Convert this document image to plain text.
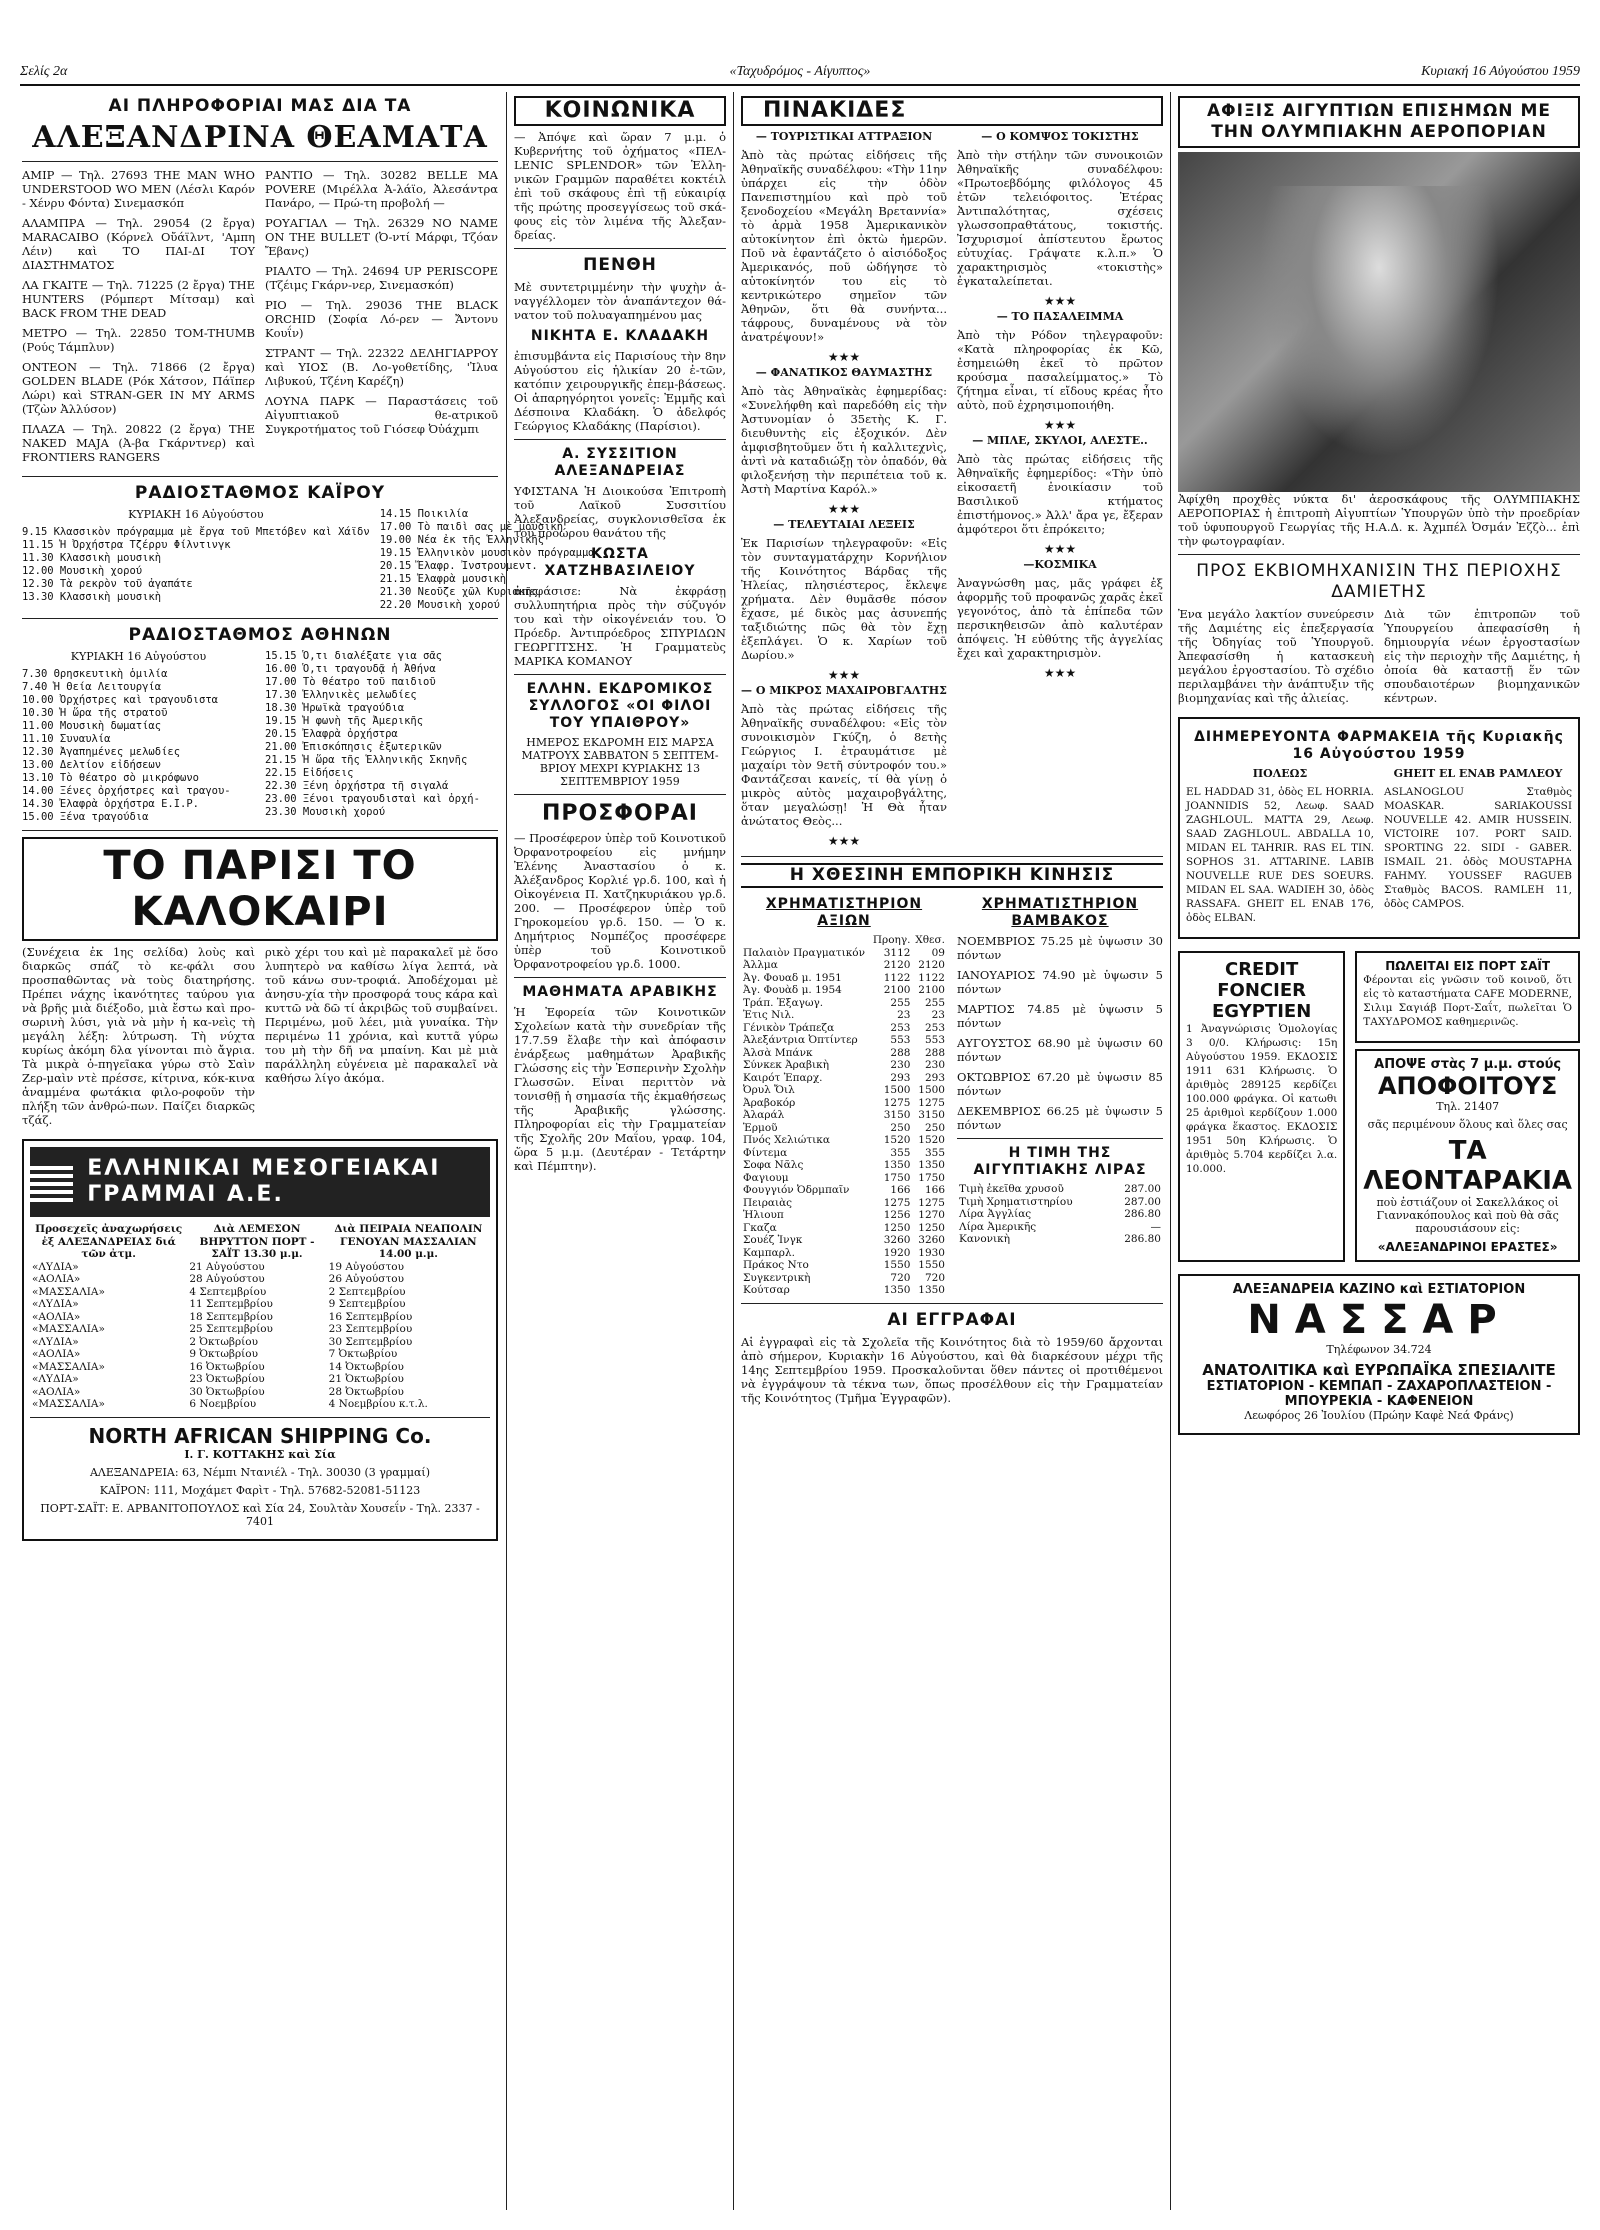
Σελίς 2α	«Ταχυδρόμος - Αίγυπτος»	Κυριακή 16 Αὐγούστου 1959
ΑΙ ΠΛΗΡΟΦΟΡΙΑΙ ΜΑΣ ΔΙΑ ΤΑ
ΑΛΕΞΑΝΔΡΙΝΑ ΘΕΑΜΑΤΑ

ΑΜΙΡ — Τηλ. 27693 THE MAN WHO UNDERSTOOD WO MEN (Λέσλι Καρόν - Χένρυ Φόντα) Σινεμασκόπ

ΑΛΑΜΠΡΑ — Τηλ. 29054 (2 ἔργα) MARACAIBO (Κόρνελ Οὔάϊλντ, 'Αμπη Λέιν) καὶ ΤΟ ΠΑΙ-ΔΙ ΤΟΥ ΔΙΑΣΤΗΜΑΤΟΣ

ΛΑ ΓΚΑΙΤΕ — Τηλ. 71225 (2 ἔργα) THE HUNTERS (Ρόμπερτ Μίτσαμ) καὶ BACK FROM THE DEAD

ΜΕΤΡΟ — Τηλ. 22850 TOM-THUMB (Ρούς Τάμπλυν)

ΟΝΤΕΟΝ — Τηλ. 71866 (2 ἔργα) GOLDEN BLADE (Ρόκ Χάτσον, Πάϊπερ Λώρι) καὶ STRAN-GER IN MY ARMS (Τζὼν Ἀλλύσον)

ΠΛΑΖΑ — Τηλ. 20822 (2 ἔργα) THE NAKED MAJA (Ἀ-βα Γκάρντνερ) καὶ FRONTIERS RANGERS

ΡΑΝΤΙΟ — Τηλ. 30282 BELLE MA POVERE (Μιρέλλα Ἀ-λάϊο, Ἀλεσάντρα Πανάρο, — Πρώ-τη προβολή —

ΡΟΥΑΓΙΑΛ — Τηλ. 26329 NO NAME ON THE BULLET (Ὀ-ντί Μάρφι, Τζόαν Ἔβανς)

ΡΙΑΛΤΟ — Τηλ. 24694 UP PERISCOPE (Τζέιμς Γκάρν-νερ, Σινεμασκόπ)

ΡΙΟ — Τηλ. 29036 THE BLACK ORCHID (Σοφία Λό-ρεν — Ἄντονυ Κουΐν)

ΣΤΡΑΝΤ — Τηλ. 22322 ΔΕΛΗΓΙΑΡΡΟΥ καὶ ΥΙΟΣ (Β. Λο-γοθετίδης, 'Ἰλυα Λιβυκού, Τζένη Καρέζη)

ΛΟΥΝΑ ΠΑΡΚ — Παραστάσεις τοῦ Αἰγυπτιακοῦ θε-ατρικοῦ Συγκροτήματος τοῦ Γιόσεφ Ὀὐάχμπι

ΡΑΔΙΟΣΤΑΘΜΟΣ ΚΑΪΡΟΥ
ΚΥΡΙΑΚΗ 16 Αὐγούστου
9.15 Κλασσικὸν πρόγραμμα μὲ ἔργα τοῦ Μπετόβεν καὶ Χάϊδν
11.15 Ἡ Ὀρχήστρα Τζέρρυ Φίλντινγκ
11.30 Κλασσικὴ μουσικὴ
12.00 Μουσικὴ χορού
12.30 Τὰ ρεκρὸν τοῦ ἀγαπάτε
13.30 Κλασσικὴ μουσικὴ
14.15 Ποικιλία
17.00 Τὸ παιδὶ σας μὲ μουσικὴ
19.00 Νέα ἐκ τῆς Ἑλληνικῆς
19.15 Ἑλληνικὸν μουσικὸν πρόγραμμα
20.15 Ἔλαφρ. Ἰνστρουμεντ.
21.15 Ἐλαφρὰ μουσικὴ
21.30 Νεοῦζε χῶλ Κυριακῆς
22.20 Μουσικὴ χορού
ΡΑΔΙΟΣΤΑΘΜΟΣ ΑΘΗΝΩΝ
ΚΥΡΙΑΚΗ 16 Αὐγούστου
7.30 Θρησκευτικὴ ὁμιλία
7.40 Ἡ Θεία Λειτουργία
10.00 Ὀρχήστρες καὶ τραγουδιστα
10.30 Ἡ ὥρα τῆς στρατοῦ
11.00 Μουσικὴ δωματίας
11.10 Συναυλία
12.30 Ἀγαπημένες μελωδίες
13.00 Δελτίον εἰδήσεων
13.10 Τὸ θέατρο σὸ μικρόφωνο
14.00 Ξένες ὀρχήστρες καὶ τραγου-
14.30 Ἐλαφρὰ ὀρχήστρα Ε.Ι.Ρ.
15.00 Ξένα τραγούδια
15.15 Ὁ,τι διαλέξατε για σᾶς
16.00 Ὁ,τι τραγουδᾷ ἡ Ἀθήνα
17.00 Τὸ θέατρο τοῦ παιδιοῦ
17.30 Ἑλληνικὲς μελωδίες
18.30 Ἡρωϊκὰ τραγούδια
19.15 Ἡ φωνὴ τῆς Ἀμερικῆς
20.15 Ἐλαφρὰ ὀρχήστρα
21.00 Ἐπισκόπησις ἐξωτερικῶν
21.15 Ἡ ὥρα τῆς Ἑλληνικῆς Σκηνῆς
22.15 Εἰδήσεις
22.30 Ξένη ὀρχήστρα τῆ σιγαλά
23.00 Ξένοι τραγουδισταὶ καὶ ὀρχή-
23.30 Μουσικὴ χορού
ΤΟ ΠΑΡΙΣΙ ΤΟ ΚΑΛΟΚΑΙΡΙ

(Συνέχεια ἐκ 1ης σελίδα) λοὺς καὶ διαρκῶς σπάζ τὸ κε-φάλι σου προσπαθῶντας νὰ τοὺς διατηρήσης. Πρέπει νάχης ἱκανότητες ταύρου για νὰ βρῆς μιὰ διέξοδο, μιὰ ἔστω καὶ προ-σωρινὴ λύσι, γιὰ νὰ μὴν ἡ κα-νεὶς τὴ μεγάλη λέξη: λύτρωση. Τὴ νύχτα κυρίως ἀκόμη δλα γίνονται πιὸ ἄγρια. Τὰ μικρὰ ὁ-πηγεῖακα γύρω στὸ Σαὶν Ζερ-μαὶν ντὲ πρέσσε, κίτρινα, κόκ-κινα ἀναμμένα φωτάκια φιλο-ροφοῦν τὴν πλήξη τῶν ἀνθρώ-πων. Παίζει διαρκῶς τζάζ.

ρικὸ χέρι του καὶ μὲ παρακαλεῖ μὲ ὅσο λυπητερὸ να καθίσω λίγα λεπτά, νὰ τοῦ κάνω συν-τροφιά. Ἀποδέχομαι μὲ ἀνησυ-χία τὴν προσφορά τους κάρα καὶ κυττῶ νὰ δῶ τί ἀκριβῶς τοῦ συμβαίνει. Περιμένω, μοῦ λέει, μιὰ γυναίκα. Τὴν περιμένω 11 χρόνια, καὶ κυττᾶ γύρω του μὴ τὴν δῆ να μπαίνη. Και μὲ μιὰ παράλληλη εὐγένεια μὲ παρακαλεῖ νὰ καθήσω λίγο ἀκόμα.

ΕΛΛΗΝΙΚΑΙ ΜΕΣΟΓΕΙΑΚΑΙ ΓΡΑΜΜΑΙ Α.Ε.
Προσεχεῖς ἀναχωρήσεις ἐξ ΑΛΕΞΑΝΔΡΕΙΑΣ διά τῶν ἀτμ.	Διὰ ΛΕΜΕΣΟΝ ΒΗΡΥΤΤΟΝ ΠΟΡΤ - ΣΑΪΤ 13.30 μ.μ.	Διὰ ΠΕΙΡΑΙΑ ΝΕΑΠΟΛΙΝ ΓΕΝΟΥΑΝ ΜΑΣΣΑΛΙΑΝ 14.00 μ.μ.
«ΛΥΔΙΑ»	21 Αὐγούστου	19 Αὐγούστου
«ΑΟΛΙΑ»	28 Αὐγούστου	26 Αὐγούστου
«ΜΑΣΣΑΛΙΑ»	4 Σεπτεμβρίου	2 Σεπτεμβρίου
«ΛΥΔΙΑ»	11 Σεπτεμβρίου	9 Σεπτεμβρίου
«ΑΟΛΙΑ»	18 Σεπτεμβρίου	16 Σεπτεμβρίου
«ΜΑΣΣΑΛΙΑ»	25 Σεπτεμβρίου	23 Σεπτεμβρίου
«ΛΥΔΙΑ»	2 Ὀκτωβρίου	30 Σεπτεμβρίου
«ΑΟΛΙΑ»	9 Ὀκτωβρίου	7 Ὀκτωβρίου
«ΜΑΣΣΑΛΙΑ»	16 Ὀκτωβρίου	14 Ὀκτωβρίου
«ΛΥΔΙΑ»	23 Ὀκτωβρίου	21 Ὀκτωβρίου
«ΑΟΛΙΑ»	30 Ὀκτωβρίου	28 Ὀκτωβρίου
«ΜΑΣΣΑΛΙΑ»	6 Νοεμβρίου	4 Νοεμβρίου κ.τ.λ.
NORTH AFRICAN SHIPPING Co.
Ι. Γ. ΚΟΤΤΑΚΗΣ καὶ Σία

ΑΛΕΞΑΝΔΡΕΙΑ: 63, Νέμπι Ντανιέλ - Τηλ. 30030 (3 γραμμαί)

ΚΑΪΡΟΝ: 111, Μοχάμετ Φαρὶτ - Τηλ. 57682-52081-51123

ΠΟΡΤ-ΣΑΪΤ: Ε. ΑΡΒΑΝΙΤΟΠΟΥΛΟΣ καὶ Σία 24, Σουλτὰν Χουσεΐν - Τηλ. 2337 - 7401

ΚΟΙΝΩΝΙΚΑ

— Ἀπόψε καὶ ὥραν 7 μ.μ. ὁ Κυβερνήτης τοῦ ὀχήματος «ΠΕΛ-LENIC SPLENDOR» τῶν Ἑλλη-νικῶν Γραμμῶν παραθέτει κοκτέιλ ἐπὶ τοῦ σκάφους ἐπὶ τῇ εὐκαιρίᾳ τῆς πρώτης προσεγγίσεως τοῦ σκά-φους εἰς τὸν λιμένα τῆς Ἀλεξαν-δρείας.

ΠΕΝΘΗ

Μὲ συντετριμμένην τὴν ψυχὴν ἀ-ναγγέλλομεν τὸν ἀναπάντεχον θά-νατον τοῦ πολυαγαπημένου μας

ΝΙΚΗΤΑ Ε. ΚΛΑΔΑΚΗ

ἐπισυμβάντα εἰς Παρισίους τὴν 8ην Αὐγούστου εἰς ἡλικίαν 20 ἐ-τῶν, κατόπιν χειρουργικῆς ἐπεμ-βάσεως. Οἱ ἀπαρηγόρητοι γονεῖς: Ἐμμῆς καὶ Δέσποινα Κλαδάκη. Ὁ ἀδελφός Γεώργιος Κλαδάκης (Παρίσιοι).

Α. ΣΥΣΣΙΤΙΟΝ ΑΛΕΞΑΝΔΡΕΙΑΣ

ΥΦΙΣΤΑΝΑ Ἡ Διοικούσα Ἐπιτροπὴ τοῦ Λαϊκοῦ Συσσιτίου Ἀλεξανδρείας, συγκλονισθεῖσα ἐκ τοῦ προώρου θανάτου τῆς

ΚΩΣΤΑ ΧΑΤΖΗΒΑΣΙΛΕΙΟΥ

ἀπεφάσισε: Νὰ ἐκφράσῃ συλλυπητήρια πρὸς τὴν σύζυγόν του καὶ τὴν οἰκογένειάν του. Ὁ Πρόεδρ. Ἀντιπρόεδρος ΣΠΥΡΙΔΩΝ ΓΕΩΡΓΙΤΣΗΣ. Ἡ Γραμματεὺς ΜΑΡΙΚΑ ΚΟΜΑΝΟΥ

ΕΛΛΗΝ. ΕΚΔΡΟΜΙΚΟΣ ΣΥΛΛΟΓΟΣ «ΟΙ ΦΙΛΟΙ ΤΟΥ ΥΠΑΙΘΡΟΥ»

ΗΜΕΡΟΣ ΕΚΔΡΟΜΗ ΕΙΣ ΜΑΡΣΑ ΜΑΤΡΟΥΧ ΣΑΒΒΑΤΟΝ 5 ΣΕΠΤΕΜ-ΒΡΙΟΥ ΜΕΧΡΙ ΚΥΡΙΑΚΗΣ 13 ΣΕΠΤΕΜΒΡΙΟΥ 1959

ΠΡΟΣΦΟΡΑΙ

— Προσέφερον ὑπὲρ τοῦ Κοινοτικοῦ Ὀρφανοτροφείου εἰς μνήμην Ἐλένης Ἀναστασίου ὁ κ. Ἀλέξανδρος Κορλιέ γρ.δ. 100, καὶ ἡ Οἰκογένεια Π. Χατζηκυριάκου γρ.δ. 200. — Προσέφερον ὑπὲρ τοῦ Γηροκομείου γρ.δ. 150. — Ὁ κ. Δημήτριος Νομπέζος προσέφερε ὑπὲρ τοῦ Κοινοτικοῦ Ὀρφανοτροφείου γρ.δ. 1000.

ΜΑΘΗΜΑΤΑ ΑΡΑΒΙΚΗΣ

Ἡ Ἐφορεία τῶν Κοινοτικῶν Σχολείων κατὰ τὴν συνεδρίαν τῆς 17.7.59 ἔλαβε τὴν καὶ ἀπόφασιν ἐνάρξεως μαθημάτων Ἀραβικῆς Γλώσσης εἰς τὴν Ἐσπερινὴν Σχολὴν Γλωσσῶν. Εἶναι περιττὸν νὰ τονισθῇ ἡ σημασία τῆς ἐκμαθήσεως τῆς Ἀραβικῆς γλώσσης. Πληροφορίαι εἰς τὴν Γραμματείαν τῆς Σχολῆς 20ν Μαΐου, γραφ. 104, ὥρα 5 μ.μ. (Δευτέραν - Τετάρτην καὶ Πέμπτην).

ΠΙΝΑΚΙΔΕΣ
— ΤΟΥΡΙΣΤΙΚΑΙ ΑΤΤΡΑΞΙΟΝ

Ἀπὸ τὰς πρώτας εἰδήσεις τῆς Ἀθηναϊκῆς συναδέλφου: «Τὴν 11ην ὑπάρχει εἰς τὴν ὁδὸν Πανεπιστημίου καὶ πρὸ τοῦ ξενοδοχείου «Μεγάλη Βρεταννία» τὸ ἀρμὰ 1958 Ἀμερικανικὸν αὐτοκίνητον ἐπὶ ὀκτὼ ἡμερῶν. Ποῦ νὰ ἐφαντάζετο ὁ αἰσιόδοξος Ἀμερικανός, ποῦ ὡδήγησε τὸ αὐτοκίνητόν του εἰς τὸ κεντρικώτερο σημεῖον τῶν Ἀθηνῶν, ὅτι θὰ συνήντα... τάφρους, δυναμένους νὰ τὸν ἀνατρέψουν!»

★★★
— ΦΑΝΑΤΙΚΟΣ ΘΑΥΜΑΣΤΗΣ

Ἀπὸ τὰς Ἀθηναϊκὰς ἐφημερίδας: «Συνελήφθη καὶ παρεδόθη εἰς τὴν Ἀστυνομίαν ὁ 35ετὴς Κ. Γ. διευθυντὴς εἰς ἐξοχικόν. Δὲν ἀμφισβητοῦμεν ὅτι ἡ καλλιτεχνὶς, ἀντὶ νὰ καταδιώξῃ τὸν ὀπαδόν, θὰ φιλοξενήσῃ τὴν περιπέτεια τοῦ κ. Ἀστὴ Μαρτίνα Καρόλ.»

★★★
— ΤΕΛΕΥΤΑΙΑΙ ΛΕΞΕΙΣ

Ἐκ Παρισίων τηλεγραφοῦν: «Εἰς τὸν συνταγματάρχην Κορνήλιον τῆς Κοινότητος Βάρδας τῆς Ἠλείας, πλησιέστερος, ἔκλεψε χρήματα. Δὲν θυμᾶσθε πόσον ἔχασε, μέ δικὸς μας ἀσυνεπής ταξιδιώτης πῶς θὰ τὸν ἔχῃ ἐξεπλάγει. Ὁ κ. Χαρίων τοῦ Δωρίου.»

★★★
— Ο ΜΙΚΡΟΣ ΜΑΧΑΙΡΟΒΓΑΛΤΗΣ

Ἀπὸ τὰς πρώτας εἰδήσεις τῆς Ἀθηναϊκῆς συναδέλφου: «Εἰς τὸν συνοικισμὸν Γκύζη, ὁ 8ετὴς Γεώργιος Ι. ἐτραυμάτισε μὲ μαχαίρι τὸν 9ετῆ σύντροφόν του.» Φαντάζεσαι κανείς, τί θὰ γίνῃ ὁ μικρὸς αὐτὸς μαχαιροβγάλτης, ὅταν μεγαλώσῃ! Ἡ Θὰ ἦταν ἀνώτατος Θεὸς...

★★★
— Ο ΚΟΜΨΟΣ ΤΟΚΙΣΤΗΣ

Ἀπὸ τὴν στήλην τῶν συνοικοιῶν Ἀθηναϊκῆς συναδέλφου: «Πρωτοεβδόμης φιλόλογος 45 ἐτῶν τελειόφοιτος. Ἐτέρας Ἀντιπαλότητας, σχέσεις γλωσσοπραθτάτους, τοκιστής. Ἰσχυρισμοί ἀπίστευτου ἔρωτος εὐτυχίας. Γράψατε κ.λ.π.» Ὁ χαρακτηρισμὸς «τοκιστὴς» ἐγκαταλείπεται.

★★★
— ΤΟ ΠΑΣΑΛΕΙΜΜΑ

Ἀπὸ τὴν Ρόδον τηλεγραφοῦν: «Κατὰ πληροφορίας ἐκ Κῶ, ἐσημειώθη ἐκεῖ τὸ πρῶτον κρούσμα πασαλείμματος.» Τὸ ζήτημα εἶναι, τί εἴδους κρέας ἦτο αὐτὸ, ποῦ ἐχρησιμοποιήθη.

★★★
— ΜΠΛΕ, ΣΚΥΛΟΙ, ΑΛΕΣΤΕ..

Ἀπὸ τὰς πρώτας εἰδήσεις τῆς Ἀθηναϊκῆς ἐφημερίδος: «Τὴν ὑπὸ εἰκοσαετῆ ἐνοικίασιν τοῦ Βασιλικοῦ κτήματος ἐπιστήμονος.» Ἀλλ' ἄρα γε, ἔξεραν ἀμφότεροι ὅτι ἐπρόκειτο;

★★★
—ΚΟΣΜΙΚΑ

Ἀναγνώσθη μας, μᾶς γράφει ἐξ ἀφορμῆς τοῦ προφανῶς χαρᾶς ἐκεῖ γεγονότος, ἀπὸ τὰ ἐπίπεδα τῶν περσικηθεισῶν ἀπὸ καλυτέραν ἀπόψεις. Ἡ εὐθύτης τῆς ἀγγελίας ἔχει καὶ χαρακτηρισμὸν.

★★★
Η ΧΘΕΣΙΝΗ ΕΜΠΟΡΙΚΗ ΚΙΝΗΣΙΣ
ΧΡΗΜΑΤΙΣΤΗΡΙΟΝ ΑΞΙΩΝ
	Προηγ.	Χθεσ.
Παλαιὸν Πραγματικόν	3112	09
Ἀλλμα	2120	2120
Ἀγ. Φουαδ μ. 1951	1122	1122
Ἀγ. Φουὰδ μ. 1954	2100	2100
Τράπ. Ἐξαγωγ.	255	255
Ἐτις Νιλ.	23	23
Γένικὸν Τράπεζα	253	253
Ἀλεξάντρια Ὀπτίντερ	553	553
Ἀλσὰ Μπάνκ	288	288
Σύνκεκ Ἀραβικὴ	230	230
Καιρότ Ἐπαρχ.	293	293
Ὀρυλ Ὄιλ	1500	1500
Ἀραβοκόρ	1275	1275
Ἀλαράλ	3150	3150
Ἑρμοῦ	250	250
Πνός Χελιώτικα	1520	1520
Φίντεμα	355	355
Σοφα Νᾶλς	1350	1350
Φαγιουμ	1750	1750
Φουγγιόν Ὀδρμπαῖν	166	166
Πειραιὰς	1275	1275
Ἡλιουπ	1256	1270
Γκαζα	1250	1250
Σουέζ Ἰνγκ	3260	3260
Καμπαρλ.	1920	1930
Πράκος Ντο	1550	1550
Συγκεντρικὴ	720	720
Κούτσαρ	1350	1350
ΧΡΗΜΑΤΙΣΤΗΡΙΟΝ ΒΑΜΒΑΚΟΣ
ΝΟΕΜΒΡΙΟΣ 75.25 μὲ ὑψωσιν 30 πόντων
ΙΑΝΟΥΑΡΙΟΣ 74.90 μὲ ὑψωσιν 5 πόντων
ΜΑΡΤΙΟΣ 74.85 μὲ ὑψωσιν 5 πόντων
ΑΥΓΟΥΣΤΟΣ 68.90 μὲ ὑψωσιν 60 πόντων
ΟΚΤΩΒΡΙΟΣ 67.20 μὲ ὑψωσιν 85 πόντων
ΔΕΚΕΜΒΡΙΟΣ 66.25 μὲ ὑψωσιν 5 πόντων
Η ΤΙΜΗ ΤΗΣ ΑΙΓΥΠΤΙΑΚΗΣ ΛΙΡΑΣ
Τιμὴ ἐκεῖθα χρυσοῦ	287.00
Τιμὴ Χρηματιστηρίου	287.00
Λίρα Ἀγγλίας	286.80
Λίρα Ἀμερικῆς	—
Κανονικὴ	286.80
ΑΙ ΕΓΓΡΑΦΑΙ

Αἱ ἐγγραφαὶ εἰς τὰ Σχολεῖα τῆς Κοινότητος διὰ τὸ 1959/60 ἄρχονται ἀπὸ σήμερον, Κυριακὴν 16 Αὐγούστου, καὶ θὰ διαρκέσουν μέχρι τῆς 14ης Σεπτεμβρίου 1959. Προσκαλοῦνται ὅθεν πάντες οἱ προτιθέμενοι νὰ ἐγγράψουν τὰ τέκνα των, ὅπως προσέλθουν εἰς τὴν Γραμματείαν τῆς Κοινότητος (Τμῆμα Ἐγγραφῶν).

ΑΦΙΞΙΣ ΑΙΓΥΠΤΙΩΝ ΕΠΙΣΗΜΩΝ ΜΕ ΤΗΝ ΟΛΥΜΠΙΑΚΗΝ ΑΕΡΟΠΟΡΙΑΝ

Ἀφίχθη προχθὲς νύκτα δι' ἀεροσκάφους τῆς ΟΛΥΜΠΙΑΚΗΣ ΑΕΡΟΠΟΡΙΑΣ ἡ ἐπιτροπὴ Αἰγυπτίων Ὑπουργῶν ὑπὸ τὴν προεδρίαν τοῦ ὑφυπουργοῦ Γεωργίας τῆς Η.Α.Δ. κ. Ἀχμπέλ Ὀσμάν Ἐζζὸ... ἐπὶ τὴν φωτογραφίαν.

ΠΡΟΣ ΕΚΒΙΟΜΗΧΑΝΙΣΙΝ ΤΗΣ ΠΕΡΙΟΧΗΣ ΔΑΜΙΕΤΗΣ

Ἐνα μεγάλο λακτίον συνεύρεσιν τῆς Δαμιέτης εἰς ἐπεξεργασία τῆς Ὀδηγίας τοῦ Ὑπουργοῦ. Ἀπεφασίσθη ἡ κατασκευὴ μεγάλου ἐργοστασίου. Τὸ σχέδιο περιλαμβάνει τὴν ἀνάπτυξιν τῆς βιομηχανίας καὶ τῆς ἀλιείας.

Διὰ τῶν ἐπιτροπῶν τοῦ Ὑπουργείου ἀπεφασίσθη ἡ δημιουργία νέων ἐργοστασίων εἰς τὴν περιοχὴν τῆς Δαμιέτης, ἡ ὁποία θὰ καταστῇ ἕν τῶν σπουδαιοτέρων βιομηχανικῶν κέντρων.

ΔΙΗΜΕΡΕΥΟΝΤΑ ΦΑΡΜΑΚΕΙΑ τῆς Κυριακῆς 16 Αὐγούστου 1959
ΠΟΛΕΩΣ

EL HADDAD 31, ὁδὸς EL HORRIA. JOANNIDIS 52, Λεωφ. SAAD ZAGHLOUL. MATTA 29, Λεωφ. SAAD ZAGHLOUL. ABDALLA 10, MIDAN EL TAHRIR. RAS EL TIN. SOPHOS 31. ATTARINE. LABIB NOUVELLE RUE DES SOEURS. MIDAN EL SAA. WADIEH 30, ὁδὸς RASSAFA. GHEIT EL ENAB 176, ὁδὸς ELBAN.

GHEIT EL ENAB ΡΑΜΛΕΟΥ

ASLANOGLOU Σταθμὸς MOASKAR. SARIAKOUSSI NOUVELLE 42. AMIR HUSSEIN. VICTOIRE 107. PORT SAID. SPORTING 22. SIDI - GABER. ISMAIL 21. ὁδὸς MOUSTAPHA FAHMY. YOUSSEF RAGUEB Σταθμὸς BACOS. RAMLEH 11, ὁδὸς CAMPOS.

CREDIT FONCIER EGYPTIEN

1 Ἀναγνώρισις Ὁμολογίας 3 0/0. Κλήρωσις: 15η Αὐγούστου 1959. ΕΚΔΟΣΙΣ 1911 631 Κλήρωσις. Ὁ ἀριθμὸς 289125 κερδίζει 100.000 φράγκα. Οἱ κατωθι 25 ἀριθμοὶ κερδίζουν 1.000 φράγκα ἕκαστος. ΕΚΔΟΣΙΣ 1951 50η Κλήρωσις. Ὁ ἀριθμὸς 5.704 κερδίζει λ.α. 10.000.

ΠΩΛΕΙΤΑΙ ΕΙΣ ΠΟΡΤ ΣΑΪΤ

Φέρονται εἰς γνῶσιν τοῦ κοινοῦ, ὅτι εἰς τὸ καταστήματα CAFE MODERNE, Σιλιμ Σαγιάβ Πορτ-Σαΐτ, πωλεῖται Ὁ ΤΑΧΥΔΡΟΜΟΣ καθημερινῶς.

ΑΠΟΨΕ στὰς 7 μ.μ. στούς
ΑΠΟΦΟΙΤΟΥΣ
Τηλ. 21407
σᾶς περιμένουν ὅλους καὶ ὅλες σας
ΤΑ ΛΕΟΝΤΑΡΑΚΙΑ
ποὺ ἐστιάζουν οἱ Σακελλάκος οἱ Γιαννακόπουλος καὶ ποὺ θὰ σᾶς παρουσιάσουν εἰς:
«ΑΛΕΞΑΝΔΡΙΝΟΙ ΕΡΑΣΤΕΣ»
ΑΛΕΞΑΝΔΡΕΙΑ ΚΑΖΙΝΟ καὶ ΕΣΤΙΑΤΟΡΙΟΝ
ΝΑΣΣΑΡ
Τηλέφωνον 34.724
ΑΝΑΤΟΛΙΤΙΚΑ καὶ ΕΥΡΩΠΑΪΚΑ ΣΠΕΣΙΑΛΙΤΕ
ΕΣΤΙΑΤΟΡΙΟΝ - ΚΕΜΠΑΠ - ΖΑΧΑΡΟΠΛΑΣΤΕΙΟΝ - ΜΠΟΥΡΕΚΙΑ - ΚΑΦΕΝΕΙΟΝ
Λεωφόρος 26 Ἰουλίου (Πρώην Καφὲ Νεά Φράνς)
